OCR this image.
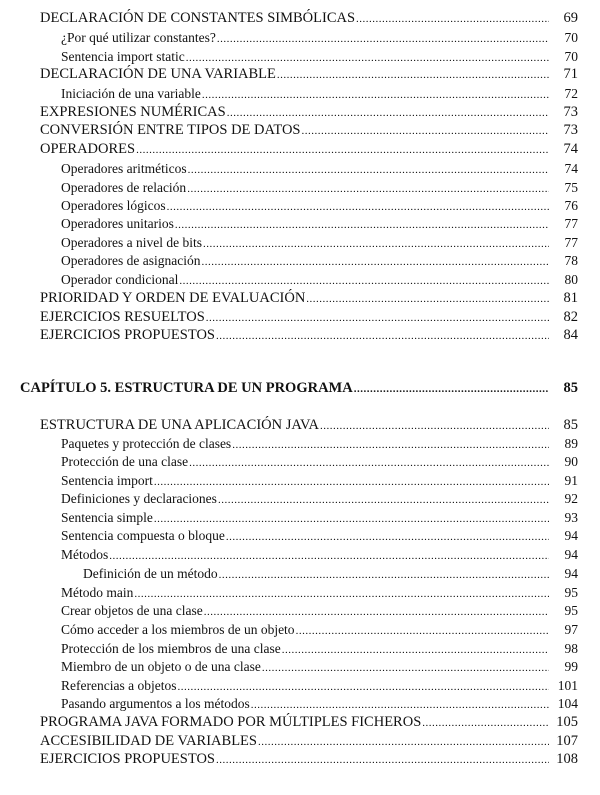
DECLARACIÓN DE CONSTANTES SIMBÓLICAS .....	69
¿Por qué utilizar constantes? .....	70
Sentencia import static .....	70
DECLARACIÓN DE UNA VARIABLE .....	71
Iniciación de una variable .....	72
EXPRESIONES NUMÉRICAS .....	73
CONVERSIÓN ENTRE TIPOS DE DATOS .....	73
OPERADORES .....	74
Operadores aritméticos .....	74
Operadores de relación .....	75
Operadores lógicos .....	76
Operadores unitarios .....	77
Operadores a nivel de bits .....	77
Operadores de asignación .....	78
Operador condicional .....	80
PRIORIDAD Y ORDEN DE EVALUACIÓN .....	81
EJERCICIOS RESUELTOS .....	82
EJERCICIOS PROPUESTOS .....	84
CAPÍTULO 5. ESTRUCTURA DE UN PROGRAMA .....	85
ESTRUCTURA DE UNA APLICACIÓN JAVA .....	85
Paquetes y protección de clases .....	89
Protección de una clase .....	90
Sentencia import .....	91
Definiciones y declaraciones .....	92
Sentencia simple .....	93
Sentencia compuesta o bloque .....	94
Métodos .....	94
Definición de un método .....	94
Método main .....	95
Crear objetos de una clase .....	95
Cómo acceder a los miembros de un objeto .....	97
Protección de los miembros de una clase .....	98
Miembro de un objeto o de una clase .....	99
Referencias a objetos .....	101
Pasando argumentos a los métodos .....	104
PROGRAMA JAVA FORMADO POR MÚLTIPLES FICHEROS .....	105
ACCESIBILIDAD DE VARIABLES .....	107
EJERCICIOS PROPUESTOS .....	108
